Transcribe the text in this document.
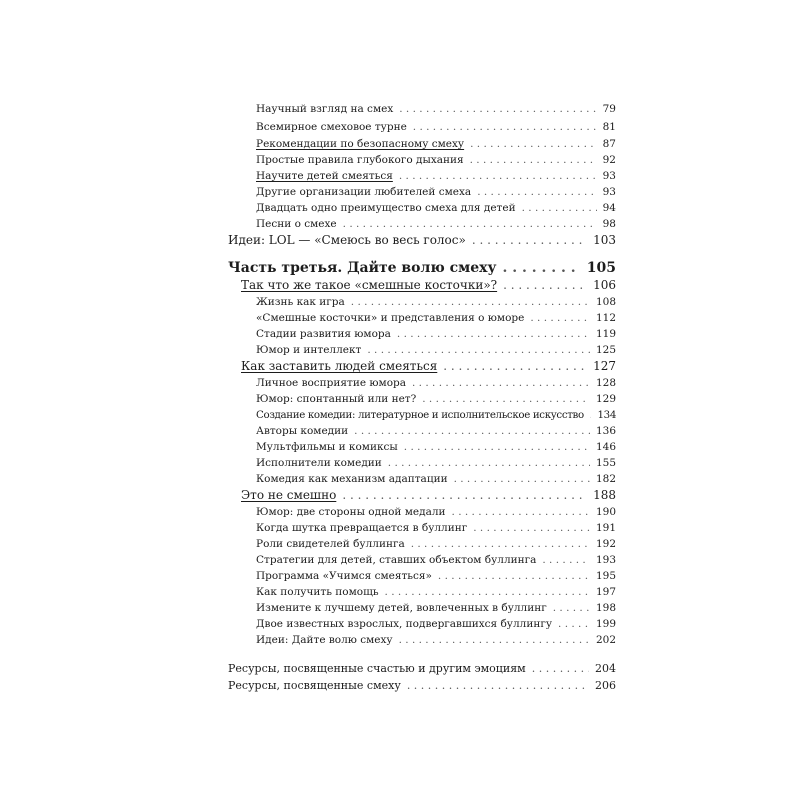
Научный взгляд на смех . . .	79
Всемирное смеховое турне . . .	81
Рекомендации по безопасному смеху . . .	87
Простые правила глубокого дыхания . . .	92
Научите детей смеяться . . .	93
Другие организации любителей смеха . . .	93
Двадцать одно преимущество смеха для детей . . .	94
Песни о смехе . . .	98
Идеи: LOL — «Смеюсь во весь голос» . . .	103
Часть третья. Дайте волю смеху . . .	105
Так что же такое «смешные косточки»? . . .	106
Жизнь как игра . . .	108
«Смешные косточки» и представления о юморе . . .	112
Стадии развития юмора . . .	119
Юмор и интеллект . . .	125
Как заставить людей смеяться . . .	127
Личное восприятие юмора . . .	128
Юмор: спонтанный или нет? . . .	129
Создание комедии: литературное и исполнительское искусство . . . 134
Авторы комедии . . .	136
Мультфильмы и комиксы . . .	146
Исполнители комедии . . .	155
Комедия как механизм адаптации . . .	182
Это не смешно . . .	188
Юмор: две стороны одной медали . . .	190
Когда шутка превращается в буллинг . . .	191
Роли свидетелей буллинга . . .	192
Стратегии для детей, ставших объектом буллинга . . .	193
Программа «Учимся смеяться» . . .	195
Как получить помощь . . .	197
Измените к лучшему детей, вовлеченных в буллинг . . .	198
Двое известных взрослых, подвергавшихся буллингу . . .	199
Идеи: Дайте волю смеху . . .	202
Ресурсы, посвященные счастью и другим эмоциям . . .	204
Ресурсы, посвященные смеху . . .	206
